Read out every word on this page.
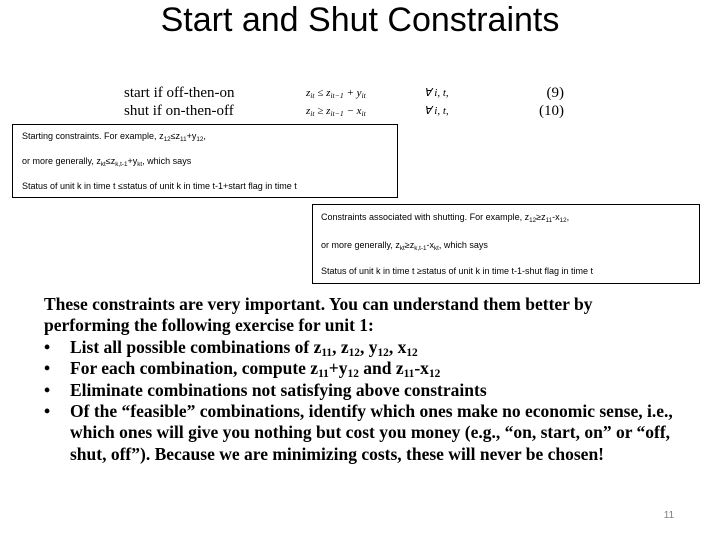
Start and Shut Constraints
start if off-then-on	$z_{it} \le z_{it-1} + y_{it}$	∀ i, t,	(9)
shut if on-then-off	$z_{it} \ge z_{it-1} - x_{it}$	∀ i, t,	(10)

Starting constraints. For example, $z_{12}\le z_{11}+y_{12}$,

or more generally, $z_{kt}\le z_{k,t-1}+y_{kt}$, which says

Status of unit k in time t ≤status of unit k in time t-1+start flag in time t

Constraints associated with shutting. For example, $z_{12}\ge z_{11}-x_{12}$,

or more generally, $z_{kt}\ge z_{k,t-1}-x_{kt}$, which says

Status of unit k in time t ≥status of unit k in time t-1-shut flag in time t

These constraints are very important. You can understand them better by performing the following exercise for unit 1:

• List all possible combinations of $z_{11}$, $z_{12}$, $y_{12}$, $x_{12}$
• For each combination, compute $z_{11}+y_{12}$ and $z_{11}-x_{12}$
• Eliminate combinations not satisfying above constraints
• Of the “feasible” combinations, identify which ones make no economic sense, i.e., which ones will give you nothing but cost you money (e.g., “on, start, on” or “off, shut, off”). Because we are minimizing costs, these will never be chosen!
11
